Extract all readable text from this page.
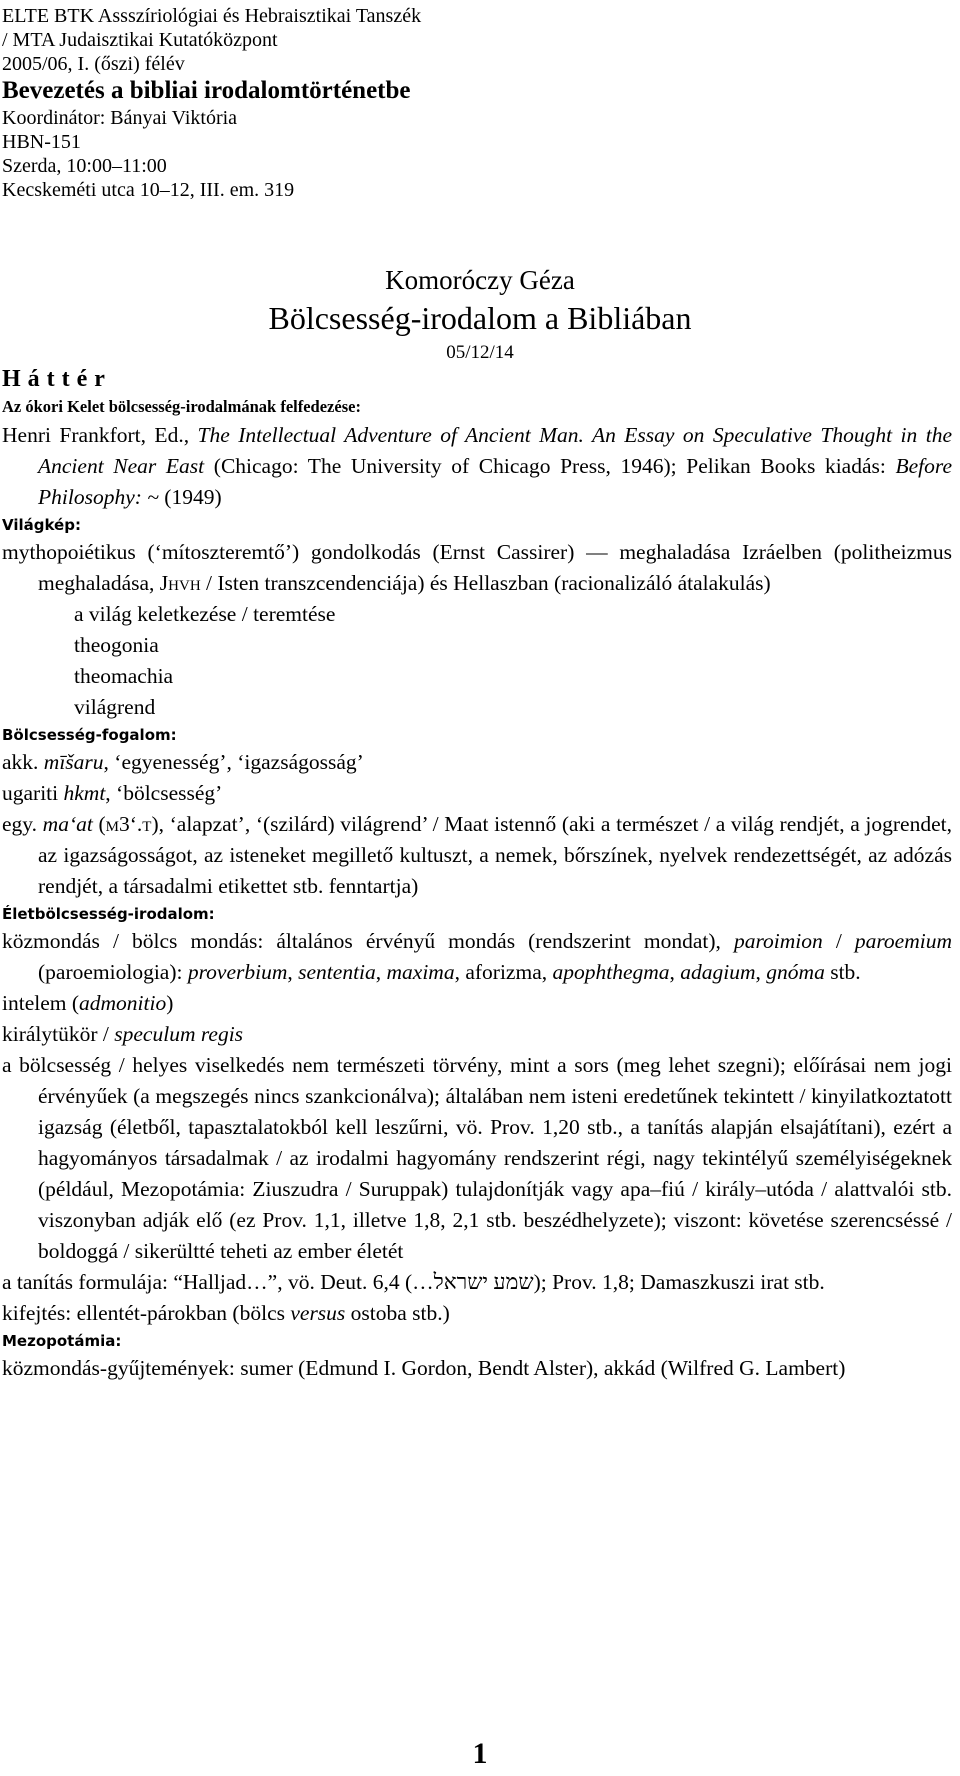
ELTE BTK Assszíriológiai és Hebraisztikai Tanszék
/ MTA Judaisztikai Kutatóközpont
2005/06, I. (őszi) félév
Bevezetés a bibliai irodalomtörténetbe
Koordinátor: Bányai Viktória
HBN-151
Szerda, 10:00–11:00
Kecskeméti utca 10–12, III. em. 319
Komoróczy Géza
Bölcsesség-irodalom a Bibliában
05/12/14
Háttér
Az ókori Kelet bölcsesség-irodalmának felfedezése:
Henri Frankfort, Ed., The Intellectual Adventure of Ancient Man. An Essay on Speculative Thought in the Ancient Near East (Chicago: The University of Chicago Press, 1946); Pelikan Books kiadás: Before Philosophy: ~ (1949)
Világkép:
mythopoiétikus (‘mítoszteremtő’) gondolkodás (Ernst Cassirer) — meghaladása Izráelben (politheizmus meghaladása, Jhvh / Isten transzcendenciája) és Hellaszban (racionalizáló átalakulás)
a világ keletkezése / teremtése
theogonia
theomachia
világrend
Bölcsesség-fogalom:
akk. mīšaru, ‘egyenesség’, ‘igazságosság’
ugariti hkmt, ‘bölcsesség’
egy. ma‘at (m3‘.t), ‘alapzat’, ‘(szilárd) világrend’ / Maat istennő (aki a természet / a világ rendjét, a jogrendet, az igazságosságot, az isteneket megillető kultuszt, a nemek, bőrszínek, nyelvek rendezettségét, az adózás rendjét, a társadalmi etikettet stb. fenntartja)
Életbölcsesség-irodalom:
közmondás / bölcs mondás: általános érvényű mondás (rendszerint mondat), paroimion / paroemium (paroemiologia): proverbium, sententia, maxima, aforizma, apophthegma, adagium, gnóma stb.
intelem (admonitio)
királytükör / speculum regis
a bölcsesség / helyes viselkedés nem természeti törvény, mint a sors (meg lehet szegni); előírásai nem jogi érvényűek (a megszegés nincs szankcionálva); általában nem isteni eredetűnek tekintett / kinyilatkoztatott igazság (életből, tapasztalatokból kell leszűrni, vö. Prov. 1,20 stb., a tanítás alapján elsajátítani), ezért a hagyományos társadalmak / az irodalmi hagyomány rendszerint régi, nagy tekintélyű személyiségeknek (például, Mezopotámia: Ziuszudra / Suruppak) tulajdonítják vagy apa–fiú / király–utóda / alattvalói stb. viszonyban adják elő (ez Prov. 1,1, illetve 1,8, 2,1 stb. beszédhelyzete); viszont: követése szerencséssé / boldoggá / sikerültté teheti az ember életét
a tanítás formulája: “Halljad…”, vö. Deut. 6,4 (…שמע ישראל); Prov. 1,8; Damaszkuszi irat stb.
kifejtés: ellentét-párokban (bölcs versus ostoba stb.)
Mezopotámia:
közmondás-gyűjtemények: sumer (Edmund I. Gordon, Bendt Alster), akkád (Wilfred G. Lambert)
1
